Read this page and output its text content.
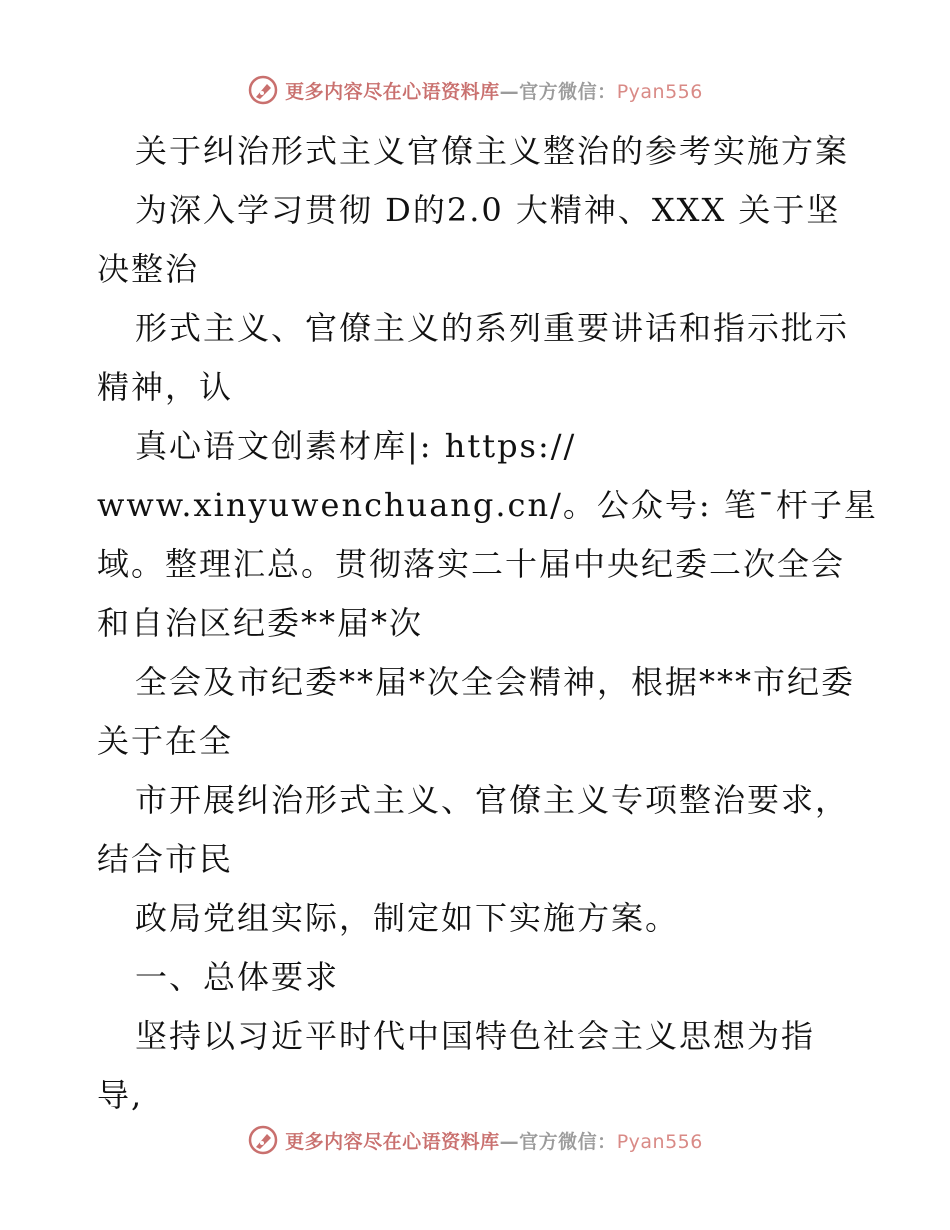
更多内容尽在心语资料库—官方微信：Pyan556
关于纠治形式主义官僚主义整治的参考实施方案
为深入学习贯彻 D的2.0 大精神、XXX 关于坚
决整治
形式主义、官僚主义的系列重要讲话和指示批示
精神，认
真心语文创素材库|: https://
www.xinyuwenchuang.cn/。公众号: 笔¯杆子星
域。整理汇总。贯彻落实二十届中央纪委二次全会
和自治区纪委**届*次
全会及市纪委**届*次全会精神，根据***市纪委
关于在全
市开展纠治形式主义、官僚主义专项整治要求，
结合市民
政局党组实际，制定如下实施方案。
一、总体要求
坚持以习近平时代中国特色社会主义思想为指
导,
更多内容尽在心语资料库—官方微信：Pyan556
